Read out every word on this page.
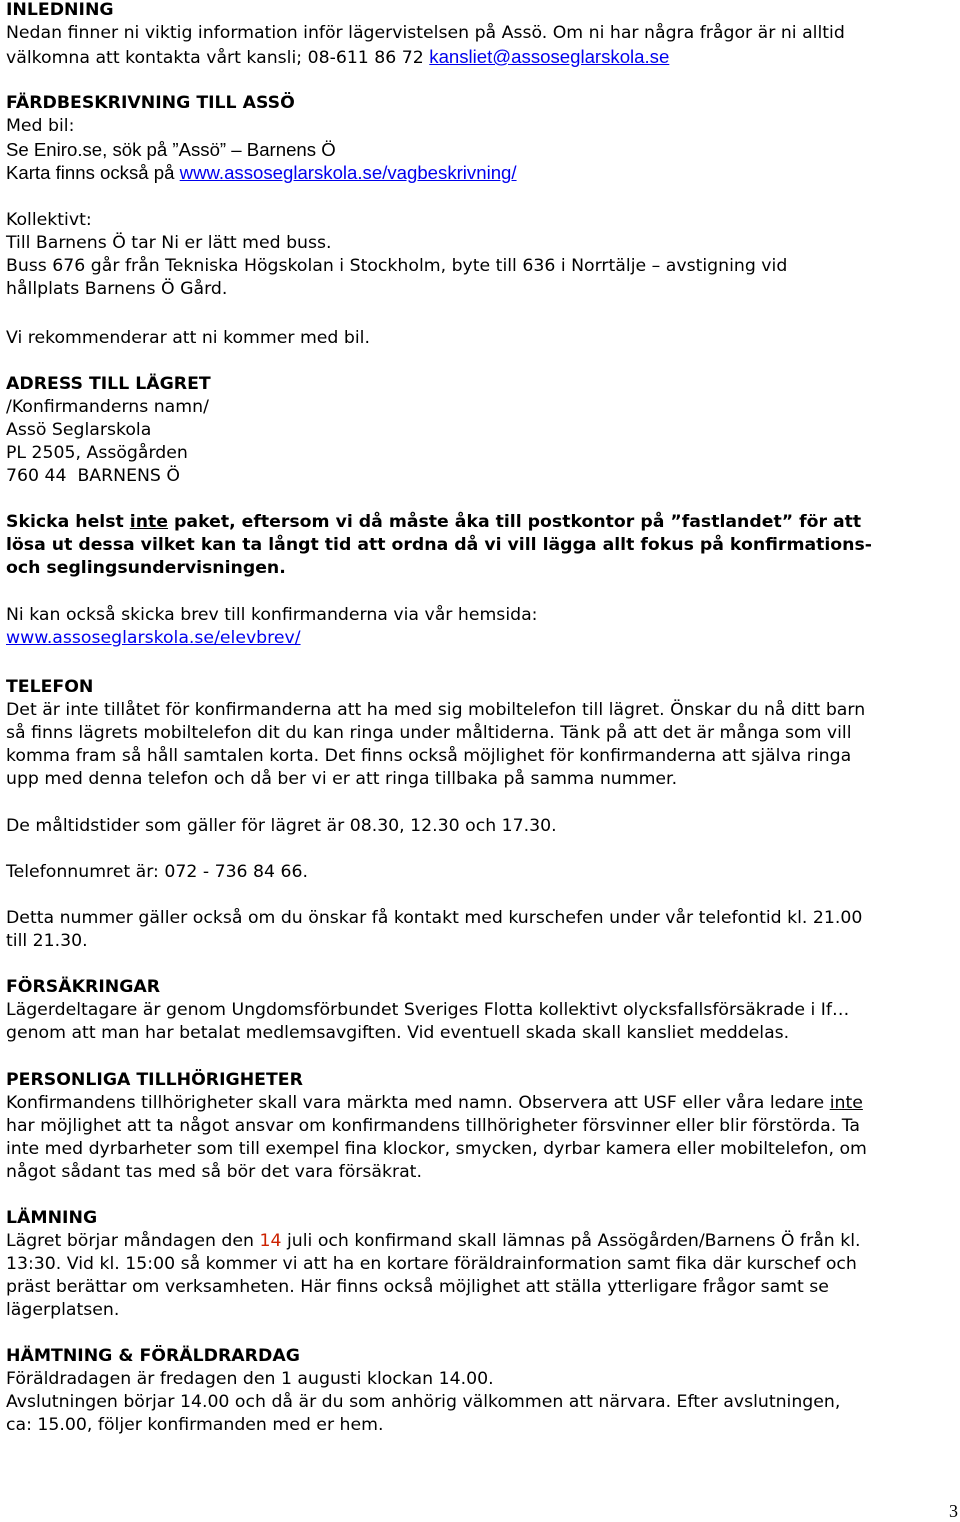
INLEDNING
Nedan finner ni viktig information inför lägervistelsen på Assö. Om ni har några frågor är ni alltid
välkomna att kontakta vårt kansli; 08-611 86 72 kansliet@assoseglarskola.se
FÄRDBESKRIVNING TILL ASSÖ
Med bil:
Se Eniro.se, sök på ”Assö” – Barnens Ö
Karta finns också på www.assoseglarskola.se/vagbeskrivning/
Kollektivt:
Till Barnens Ö tar Ni er lätt med buss.
Buss 676 går från Tekniska Högskolan i Stockholm, byte till 636 i Norrtälje – avstigning vid
hållplats Barnens Ö Gård.
Vi rekommenderar att ni kommer med bil.
ADRESS TILL LÄGRET
/Konfirmanderns namn/
Assö Seglarskola
PL 2505, Assögården
760 44  BARNENS Ö
Skicka helst inte paket, eftersom vi då måste åka till postkontor på ”fastlandet” för att
lösa ut dessa vilket kan ta långt tid att ordna då vi vill lägga allt fokus på konfirmations-
och seglingsundervisningen.
Ni kan också skicka brev till konfirmanderna via vår hemsida:
www.assoseglarskola.se/elevbrev/
TELEFON
Det är inte tillåtet för konfirmanderna att ha med sig mobiltelefon till lägret. Önskar du nå ditt barn
så finns lägrets mobiltelefon dit du kan ringa under måltiderna. Tänk på att det är många som vill
komma fram så håll samtalen korta. Det finns också möjlighet för konfirmanderna att själva ringa
upp med denna telefon och då ber vi er att ringa tillbaka på samma nummer.
De måltidstider som gäller för lägret är 08.30, 12.30 och 17.30.
Telefonnumret är: 072 - 736 84 66.
Detta nummer gäller också om du önskar få kontakt med kurschefen under vår telefontid kl. 21.00
till 21.30.
FÖRSÄKRINGAR
Lägerdeltagare är genom Ungdomsförbundet Sveriges Flotta kollektivt olycksfallsförsäkrade i If…
genom att man har betalat medlemsavgiften. Vid eventuell skada skall kansliet meddelas.
PERSONLIGA TILLHÖRIGHETER
Konfirmandens tillhörigheter skall vara märkta med namn. Observera att USF eller våra ledare inte
har möjlighet att ta något ansvar om konfirmandens tillhörigheter försvinner eller blir förstörda. Ta
inte med dyrbarheter som till exempel fina klockor, smycken, dyrbar kamera eller mobiltelefon, om
något sådant tas med så bör det vara försäkrat.
LÄMNING
Lägret börjar måndagen den 14 juli och konfirmand skall lämnas på Assögården/Barnens Ö från kl.
13:30. Vid kl. 15:00 så kommer vi att ha en kortare föräldrainformation samt fika där kurschef och
präst berättar om verksamheten. Här finns också möjlighet att ställa ytterligare frågor samt se
lägerplatsen.
HÄMTNING & FÖRÄLDRARDAG
Föräldradagen är fredagen den 1 augusti klockan 14.00.
Avslutningen börjar 14.00 och då är du som anhörig välkommen att närvara. Efter avslutningen,
ca: 15.00, följer konfirmanden med er hem.
3
